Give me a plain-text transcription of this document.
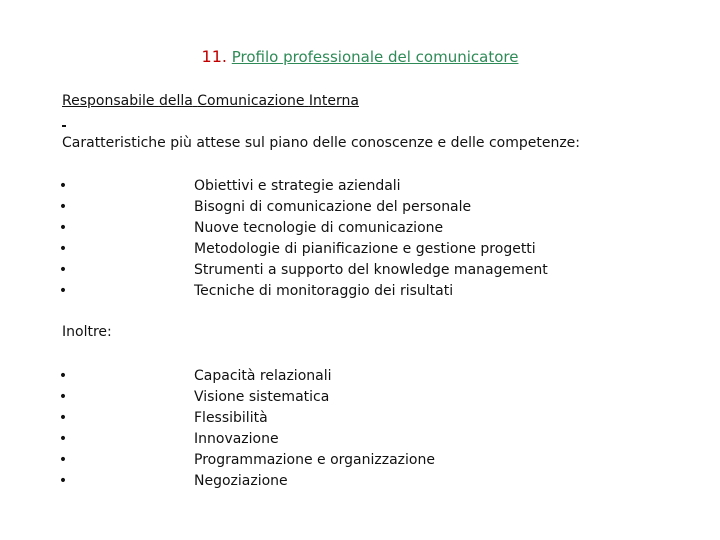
11. Profilo professionale del comunicatore
Responsabile della Comunicazione Interna
Caratteristiche più attese sul piano delle conoscenze e delle competenze:
•	Obiettivi e strategie aziendali
•	Bisogni di comunicazione del personale
•	Nuove tecnologie di comunicazione
•	Metodologie di pianificazione e gestione progetti
•	Strumenti a supporto del knowledge management
•	Tecniche di monitoraggio dei risultati
Inoltre:
•	Capacità relazionali
•	Visione sistematica
•	Flessibilità
•	Innovazione
•	Programmazione e organizzazione
•	Negoziazione
